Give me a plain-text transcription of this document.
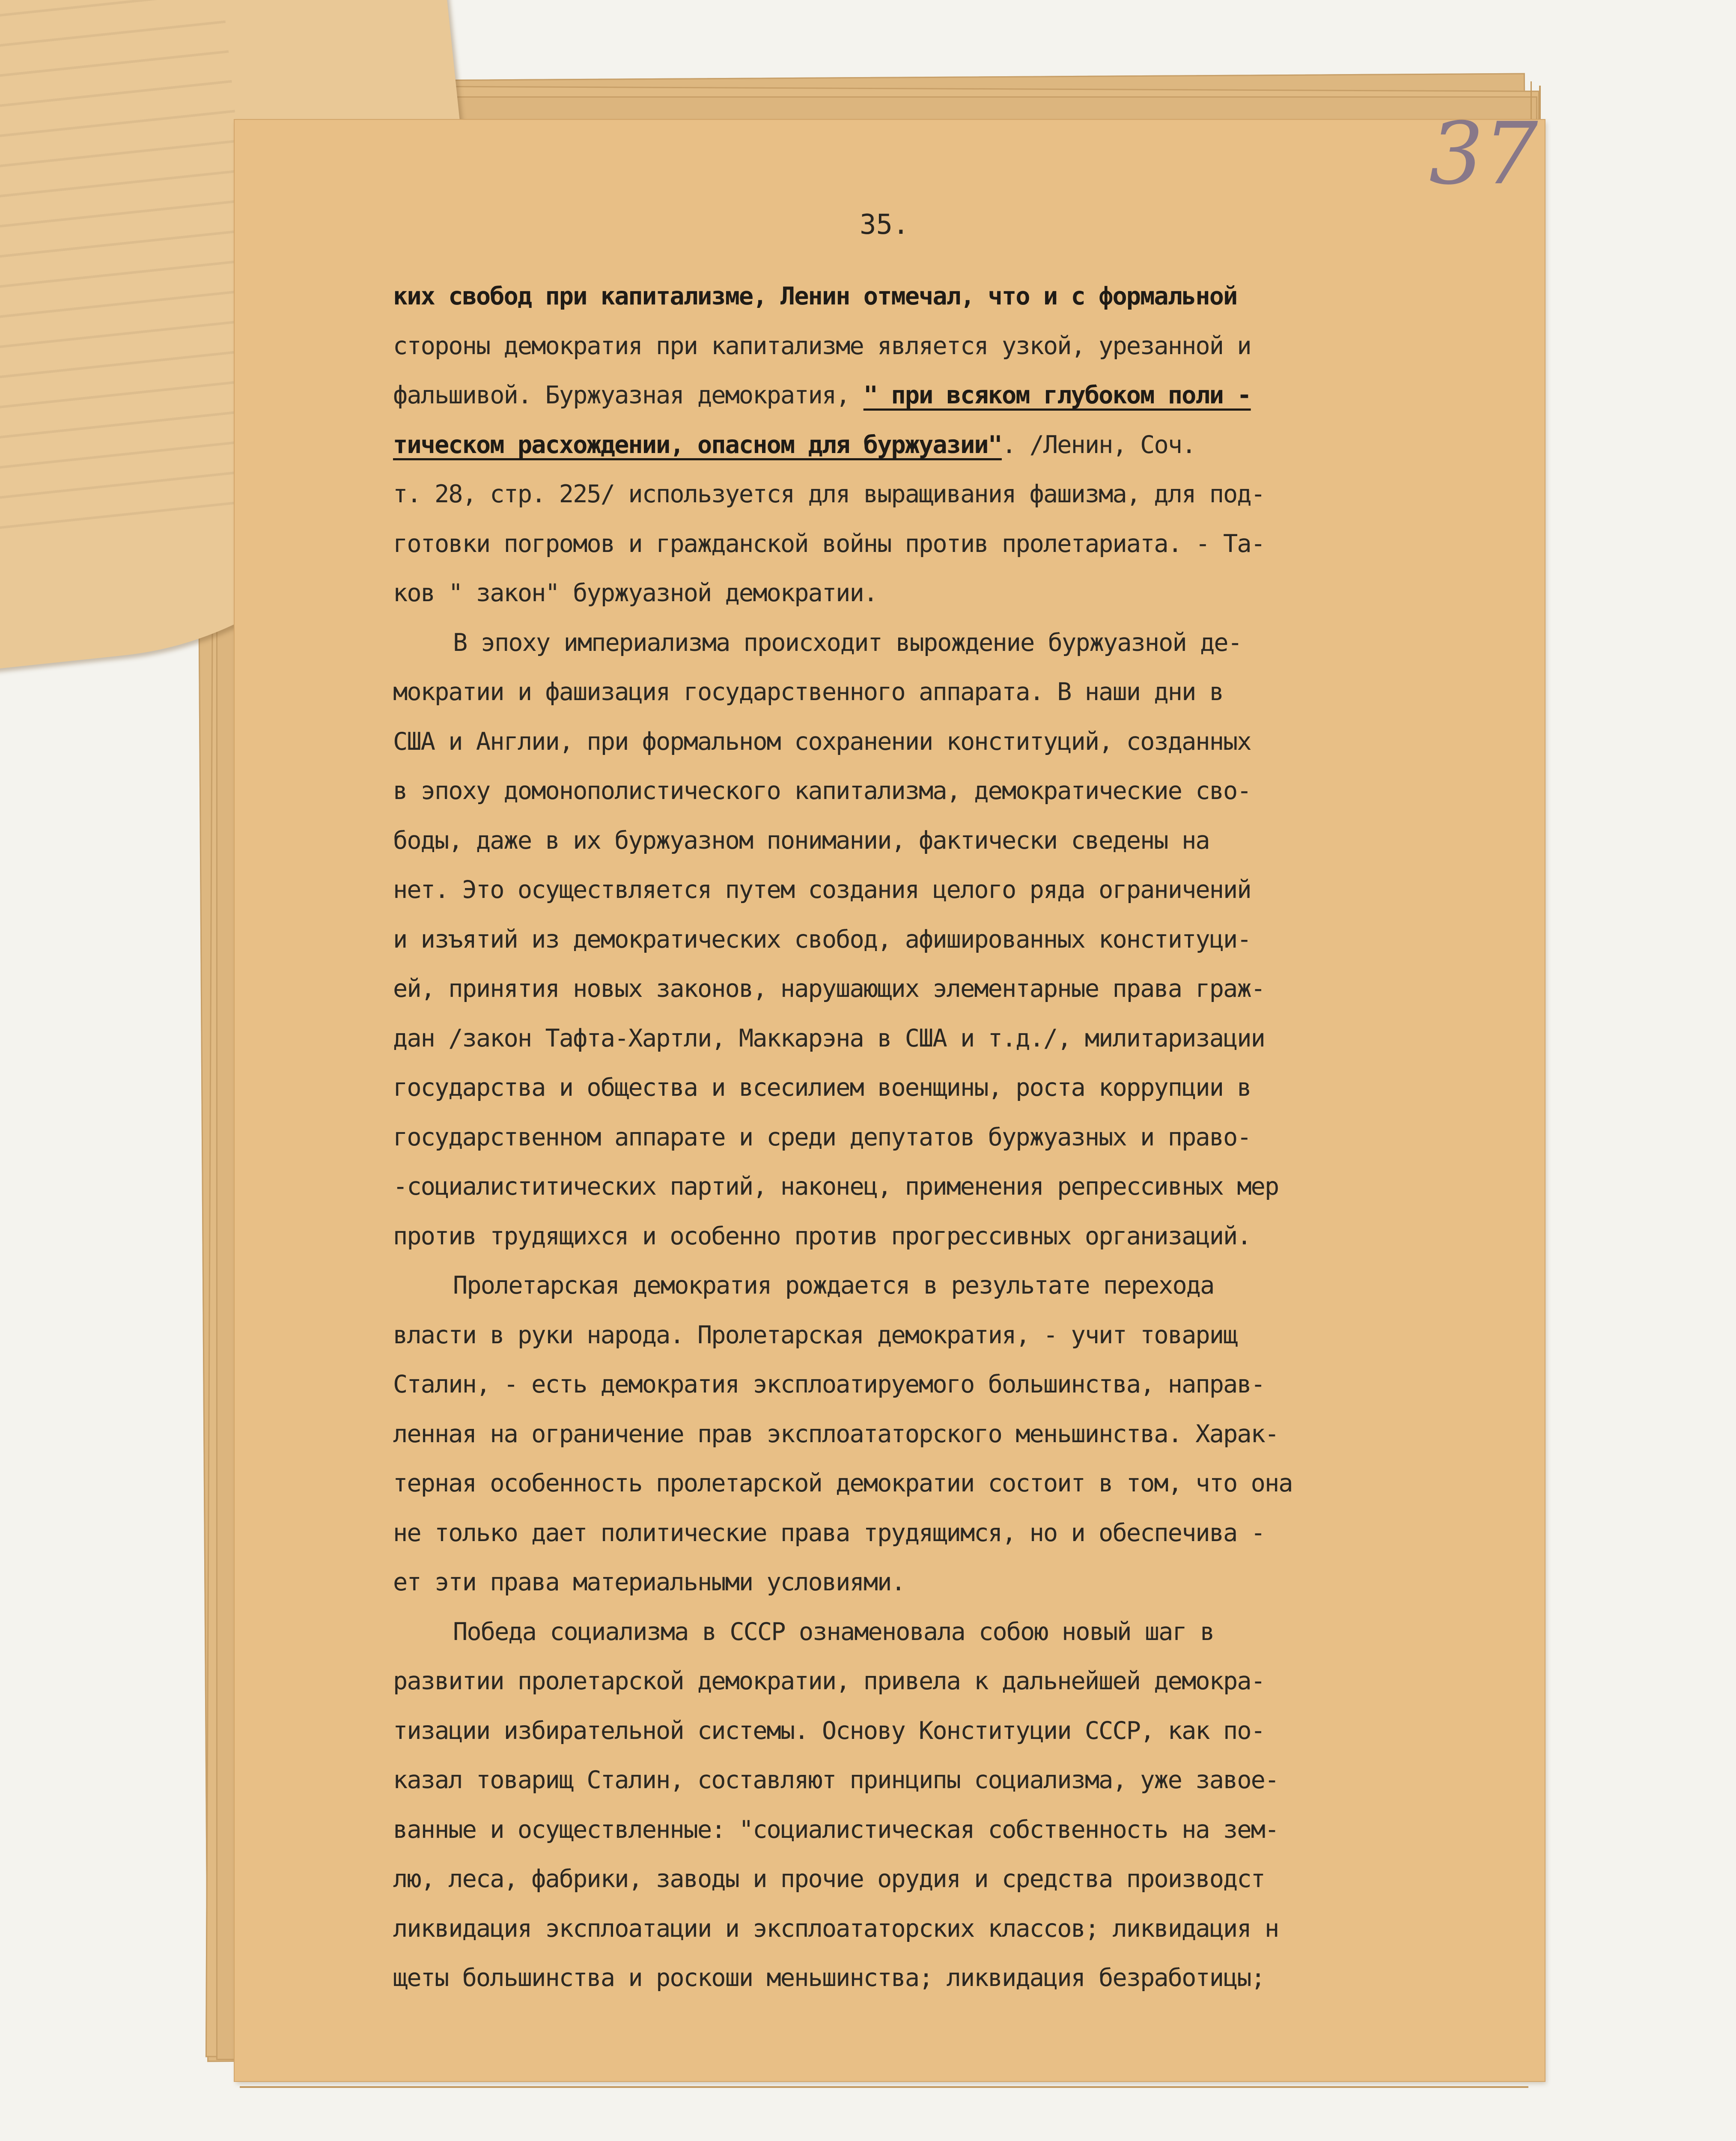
37
35.
ких свобод при капитализме, Ленин отмечал, что и с формальной
стороны демократия при капитализме является узкой, урезанной и
фальшивой. Буржуазная демократия, " при всяком глубоком поли -
тическом расхождении, опасном для буржуазии". /Ленин, Соч.
т. 28, стр. 225/ используется для выращивания фашизма, для под-
готовки погромов и гражданской войны против пролетариата. - Та-
ков " закон" буржуазной демократии.
В эпоху империализма происходит вырождение буржуазной де-
мократии и фашизация государственного аппарата. В наши дни в
США и Англии, при формальном сохранении конституций, созданных
в эпоху домонополистического капитализма, демократические сво-
боды, даже в их буржуазном понимании, фактически сведены на
нет. Это осуществляется путем создания целого ряда ограничений
и изъятий из демократических свобод, афишированных конституци-
ей, принятия новых законов, нарушающих элементарные права граж-
дан /закон Тафта-Хартли, Маккарэна в США и т.д./, милитаризации
государства и общества и всесилием военщины, роста коррупции в
государственном аппарате и среди депутатов буржуазных и право-
-социалиститических партий, наконец, применения репрессивных мер
против трудящихся и особенно против прогрессивных организаций.
Пролетарская демократия рождается в результате перехода
власти в руки народа. Пролетарская демократия, - учит товарищ
Сталин, - есть демократия эксплоатируемого большинства, направ-
ленная на ограничение прав эксплоататорского меньшинства. Харак-
терная особенность пролетарской демократии состоит в том, что она
не только дает политические права трудящимся, но и обеспечива -
ет эти права материальными условиями.
Победа социализма в СССР ознаменовала собою новый шаг в
развитии пролетарской демократии, привела к дальнейшей демокра-
тизации избирательной системы. Основу Конституции СССР, как по-
казал товарищ Сталин, составляют принципы социализма, уже завое-
ванные и осуществленные: "социалистическая собственность на зем-
лю, леса, фабрики, заводы и прочие орудия и средства производст
ликвидация эксплоатации и эксплоататорских классов; ликвидация н
щеты большинства и роскоши меньшинства; ликвидация безработицы;
